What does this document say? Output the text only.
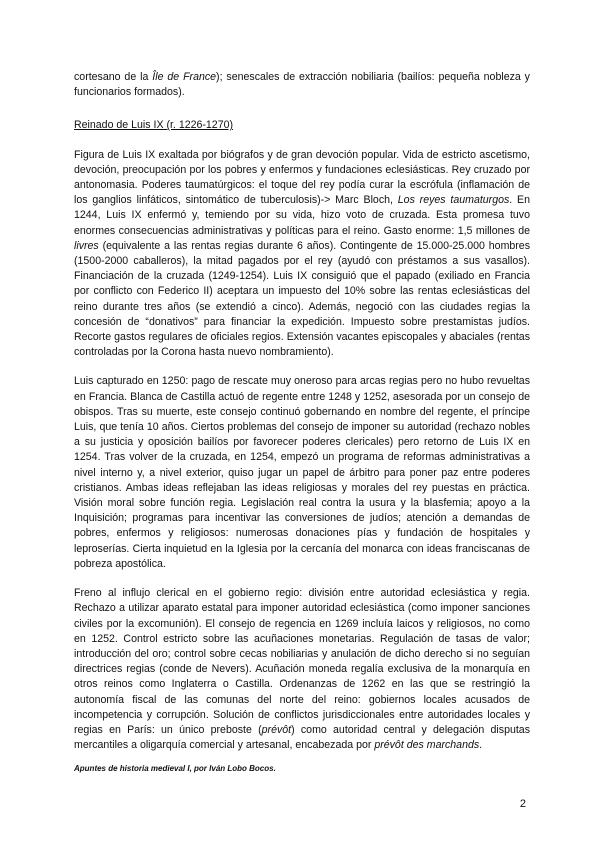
cortesano de la Île de France); senescales de extracción nobiliaria (bailíos: pequeña nobleza y funcionarios formados).

Reinado de Luis IX (r. 1226-1270)

Figura de Luis IX exaltada por biógrafos y de gran devoción popular. Vida de estricto ascetismo, devoción, preocupación por los pobres y enfermos y fundaciones eclesiásticas. Rey cruzado por antonomasia. Poderes taumatúrgicos: el toque del rey podía curar la escrófula (inflamación de los ganglios linfáticos, sintomático de tuberculosis)-> Marc Bloch, Los reyes taumaturgos. En 1244, Luis IX enfermó y, temiendo por su vida, hizo voto de cruzada. Esta promesa tuvo enormes consecuencias administrativas y políticas para el reino. Gasto enorme: 1,5 millones de livres (equivalente a las rentas regias durante 6 años). Contingente de 15.000-25.000 hombres (1500-2000 caballeros), la mitad pagados por el rey (ayudó con préstamos a sus vasallos). Financiación de la cruzada (1249-1254). Luis IX consiguió que el papado (exiliado en Francia por conflicto con Federico II) aceptara un impuesto del 10% sobre las rentas eclesiásticas del reino durante tres años (se extendió a cinco). Además, negoció con las ciudades regias la concesión de “donativos” para financiar la expedición. Impuesto sobre prestamistas judíos. Recorte gastos regulares de oficiales regios. Extensión vacantes episcopales y abaciales (rentas controladas por la Corona hasta nuevo nombramiento).

Luis capturado en 1250: pago de rescate muy oneroso para arcas regias pero no hubo revueltas en Francia. Blanca de Castilla actuó de regente entre 1248 y 1252, asesorada por un consejo de obispos. Tras su muerte, este consejo continuó gobernando en nombre del regente, el príncipe Luis, que tenía 10 años. Ciertos problemas del consejo de imponer su autoridad (rechazo nobles a su justicia y oposición bailíos por favorecer poderes clericales) pero retorno de Luis IX en 1254. Tras volver de la cruzada, en 1254, empezó un programa de reformas administrativas a nivel interno y, a nivel exterior, quiso jugar un papel de árbitro para poner paz entre poderes cristianos. Ambas ideas reflejaban las ideas religiosas y morales del rey puestas en práctica. Visión moral sobre función regia. Legislación real contra la usura y la blasfemia; apoyo a la Inquisición; programas para incentivar las conversiones de judíos; atención a demandas de pobres, enfermos y religiosos: numerosas donaciones pías y fundación de hospitales y leproserías. Cierta inquietud en la Iglesia por la cercanía del monarca con ideas franciscanas de pobreza apostólica.

Freno al influjo clerical en el gobierno regio: división entre autoridad eclesiástica y regia. Rechazo a utilizar aparato estatal para imponer autoridad eclesiástica (como imponer sanciones civiles por la excomunión). El consejo de regencia en 1269 incluía laicos y religiosos, no como en 1252. Control estricto sobre las acuñaciones monetarias. Regulación de tasas de valor; introducción del oro; control sobre cecas nobiliarias y anulación de dicho derecho si no seguían directrices regias (conde de Nevers). Acuñación moneda regalía exclusiva de la monarquía en otros reinos como Inglaterra o Castilla. Ordenanzas de 1262 en las que se restringió la autonomía fiscal de las comunas del norte del reino: gobiernos locales acusados de incompetencia y corrupción. Solución de conflictos jurisdiccionales entre autoridades locales y regias en París: un único preboste (prévôt) como autoridad central y delegación disputas mercantiles a oligarquía comercial y artesanal, encabezada por prévôt des marchands.

Apuntes de historia medieval I, por Iván Lobo Bocos.

2
